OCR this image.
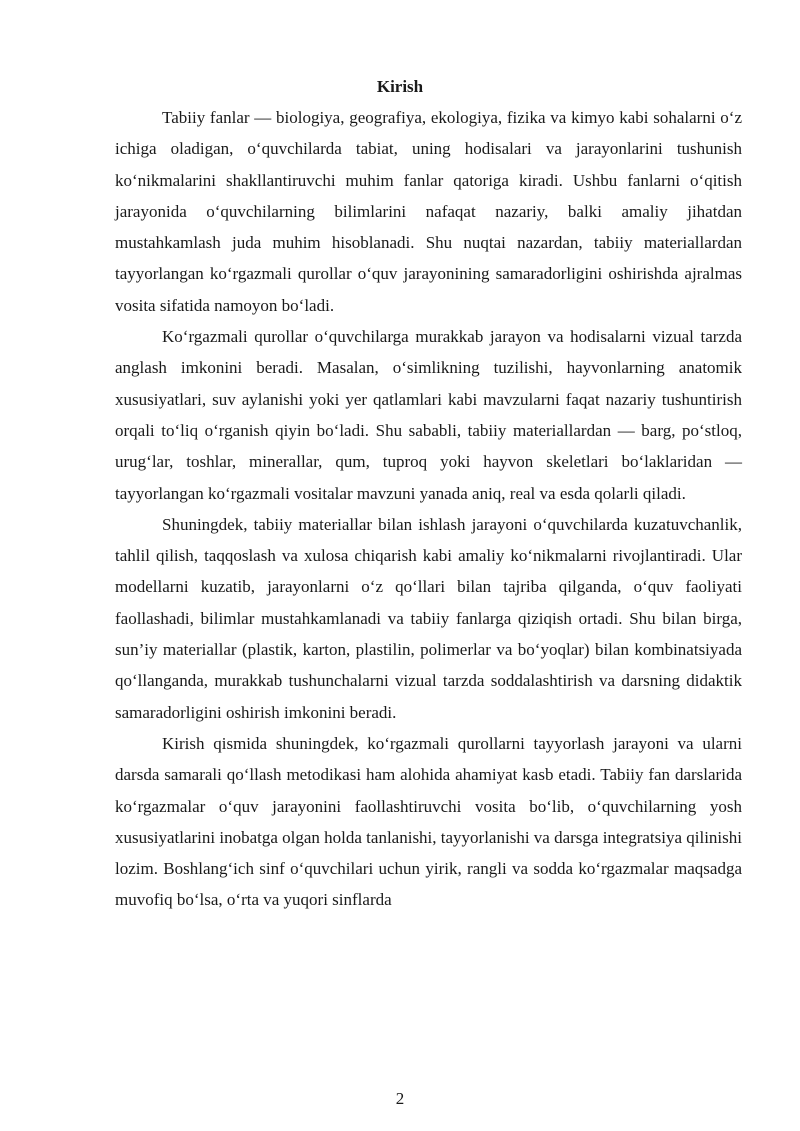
Kirish

Tabiiy fanlar — biologiya, geografiya, ekologiya, fizika va kimyo kabi sohalarni o‘z ichiga oladigan, o‘quvchilarda tabiat, uning hodisalari va jarayonlarini tushunish ko‘nikmalarini shakllantiruvchi muhim fanlar qatoriga kiradi. Ushbu fanlarni o‘qitish jarayonida o‘quvchilarning bilimlarini nafaqat nazariy, balki amaliy jihatdan mustahkamlash juda muhim hisoblanadi. Shu nuqtai nazardan, tabiiy materiallardan tayyorlangan ko‘rgazmali qurollar o‘quv jarayonining samaradorligini oshirishda ajralmas vosita sifatida namoyon bo‘ladi.

Ko‘rgazmali qurollar o‘quvchilarga murakkab jarayon va hodisalarni vizual tarzda anglash imkonini beradi. Masalan, o‘simlikning tuzilishi, hayvonlarning anatomik xususiyatlari, suv aylanishi yoki yer qatlamlari kabi mavzularni faqat nazariy tushuntirish orqali to‘liq o‘rganish qiyin bo‘ladi. Shu sababli, tabiiy materiallardan — barg, po‘stloq, urug‘lar, toshlar, minerallar, qum, tuproq yoki hayvon skeletlari bo‘laklaridan — tayyorlangan ko‘rgazmali vositalar mavzuni yanada aniq, real va esda qolarli qiladi.

Shuningdek, tabiiy materiallar bilan ishlash jarayoni o‘quvchilarda kuzatuvchanlik, tahlil qilish, taqqoslash va xulosa chiqarish kabi amaliy ko‘nikmalarni rivojlantiradi. Ular modellarni kuzatib, jarayonlarni o‘z qo‘llari bilan tajriba qilganda, o‘quv faoliyati faollashadi, bilimlar mustahkamlanadi va tabiiy fanlarga qiziqish ortadi. Shu bilan birga, sun’iy materiallar (plastik, karton, plastilin, polimerlar va bo‘yoqlar) bilan kombinatsiyada qo‘llanganda, murakkab tushunchalarni vizual tarzda soddalashtirish va darsning didaktik samaradorligini oshirish imkonini beradi.

Kirish qismida shuningdek, ko‘rgazmali qurollarni tayyorlash jarayoni va ularni darsda samarali qo‘llash metodikasi ham alohida ahamiyat kasb etadi. Tabiiy fan darslarida ko‘rgazmalar o‘quv jarayonini faollashtiruvchi vosita bo‘lib, o‘quvchilarning yosh xususiyatlarini inobatga olgan holda tanlanishi, tayyorlanishi va darsga integratsiya qilinishi lozim. Boshlang‘ich sinf o‘quvchilari uchun yirik, rangli va sodda ko‘rgazmalar maqsadga muvofiq bo‘lsa, o‘rta va yuqori sinflarda

2
